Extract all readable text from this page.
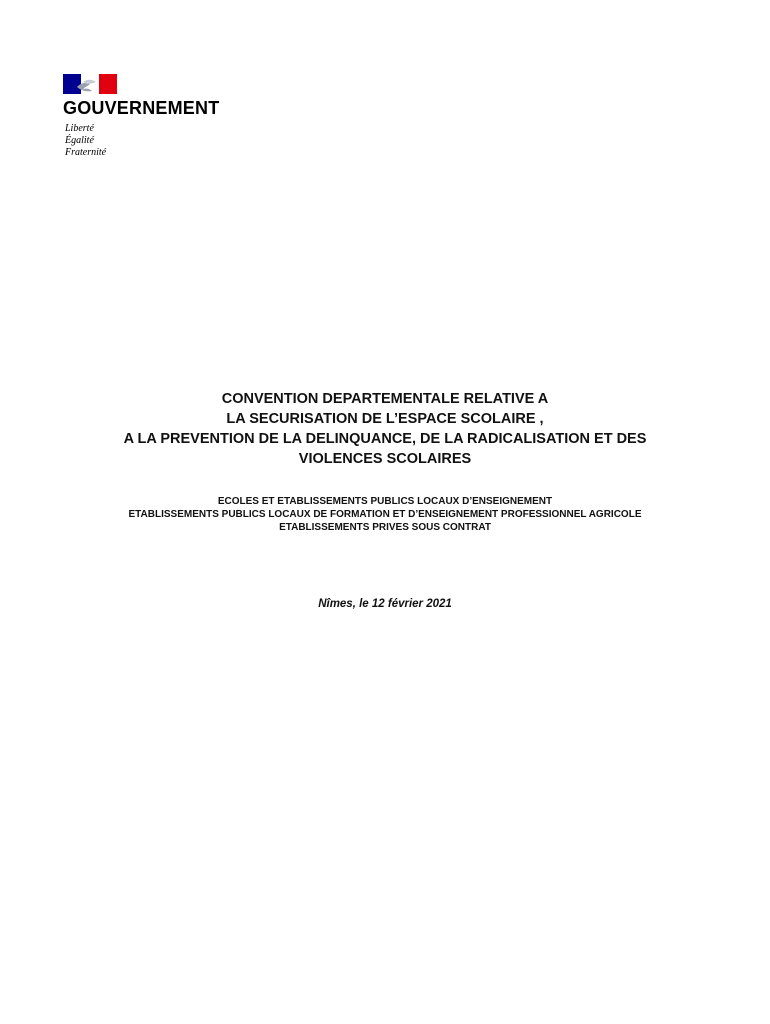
GOUVERNEMENT
Liberté
Égalité
Fraternité
CONVENTION DEPARTEMENTALE RELATIVE A
LA SECURISATION DE L’ESPACE SCOLAIRE ,
A LA PREVENTION DE LA DELINQUANCE, DE LA RADICALISATION ET DES
VIOLENCES SCOLAIRES
ECOLES ET ETABLISSEMENTS PUBLICS LOCAUX D’ENSEIGNEMENT
ETABLISSEMENTS PUBLICS LOCAUX DE FORMATION ET D’ENSEIGNEMENT PROFESSIONNEL AGRICOLE
ETABLISSEMENTS PRIVES SOUS CONTRAT
Nîmes, le 12 février 2021
